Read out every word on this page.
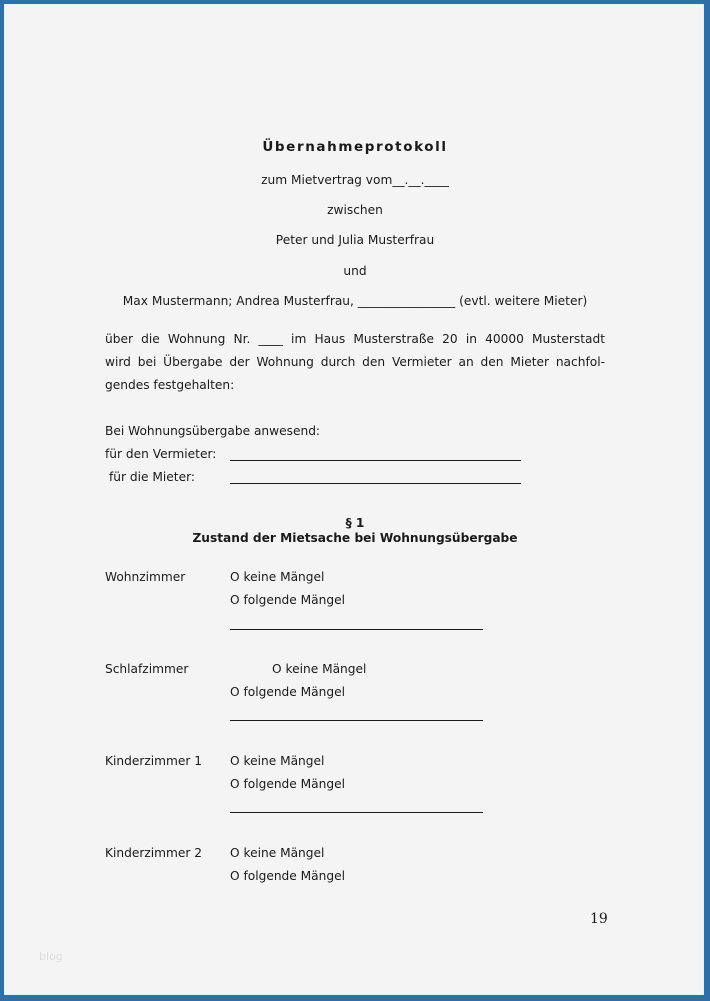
Übernahmeprotokoll
zum Mietvertrag vom__.__.____
zwischen
Peter und Julia Musterfrau
und
Max Mustermann; Andrea Musterfrau, ________________ (evtl. weitere Mieter)
über die Wohnung Nr. ____ im Haus Musterstraße 20 in 40000 Musterstadt
wird bei Übergabe der Wohnung durch den Vermieter an den Mieter nachfol-
gendes festgehalten:
Bei Wohnungsübergabe anwesend:
für den Vermieter:
für die Mieter:
§ 1
Zustand der Mietsache bei Wohnungsübergabe
Wohnzimmer	O keine Mängel
O folgende Mängel
Schlafzimmer	O keine Mängel
O folgende Mängel
Kinderzimmer 1 O keine Mängel
O folgende Mängel
Kinderzimmer 2 O keine Mängel
O folgende Mängel
19
blog
